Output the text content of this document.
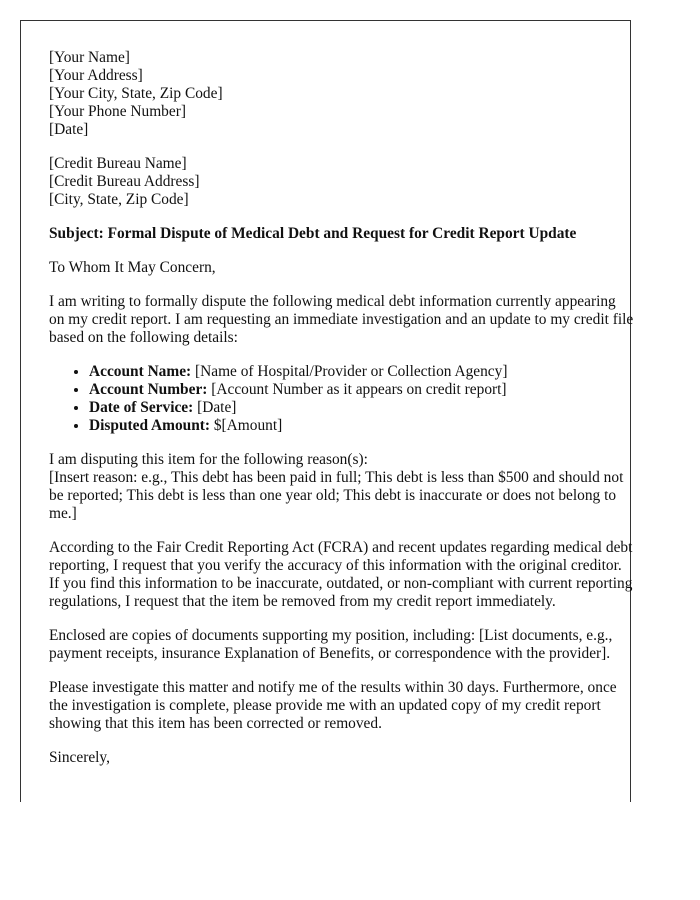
[Your Name]
[Your Address]
[Your City, State, Zip Code]
[Your Phone Number]
[Date]

[Credit Bureau Name]
[Credit Bureau Address]
[City, State, Zip Code]

Subject: Formal Dispute of Medical Debt and Request for Credit Report Update

To Whom It May Concern,

I am writing to formally dispute the following medical debt information currently appearing on my credit report. I am requesting an immediate investigation and an update to my credit file based on the following details:

• Account Name: [Name of Hospital/Provider or Collection Agency]
• Account Number: [Account Number as it appears on credit report]
• Date of Service: [Date]
• Disputed Amount: $[Amount]

I am disputing this item for the following reason(s):
[Insert reason: e.g., This debt has been paid in full; This debt is less than $500 and should not be reported; This debt is less than one year old; This debt is inaccurate or does not belong to me.]

According to the Fair Credit Reporting Act (FCRA) and recent updates regarding medical debt reporting, I request that you verify the accuracy of this information with the original creditor. If you find this information to be inaccurate, outdated, or non-compliant with current reporting regulations, I request that the item be removed from my credit report immediately.

Enclosed are copies of documents supporting my position, including: [List documents, e.g., payment receipts, insurance Explanation of Benefits, or correspondence with the provider].

Please investigate this matter and notify me of the results within 30 days. Furthermore, once the investigation is complete, please provide me with an updated copy of my credit report showing that this item has been corrected or removed.

Sincerely,
